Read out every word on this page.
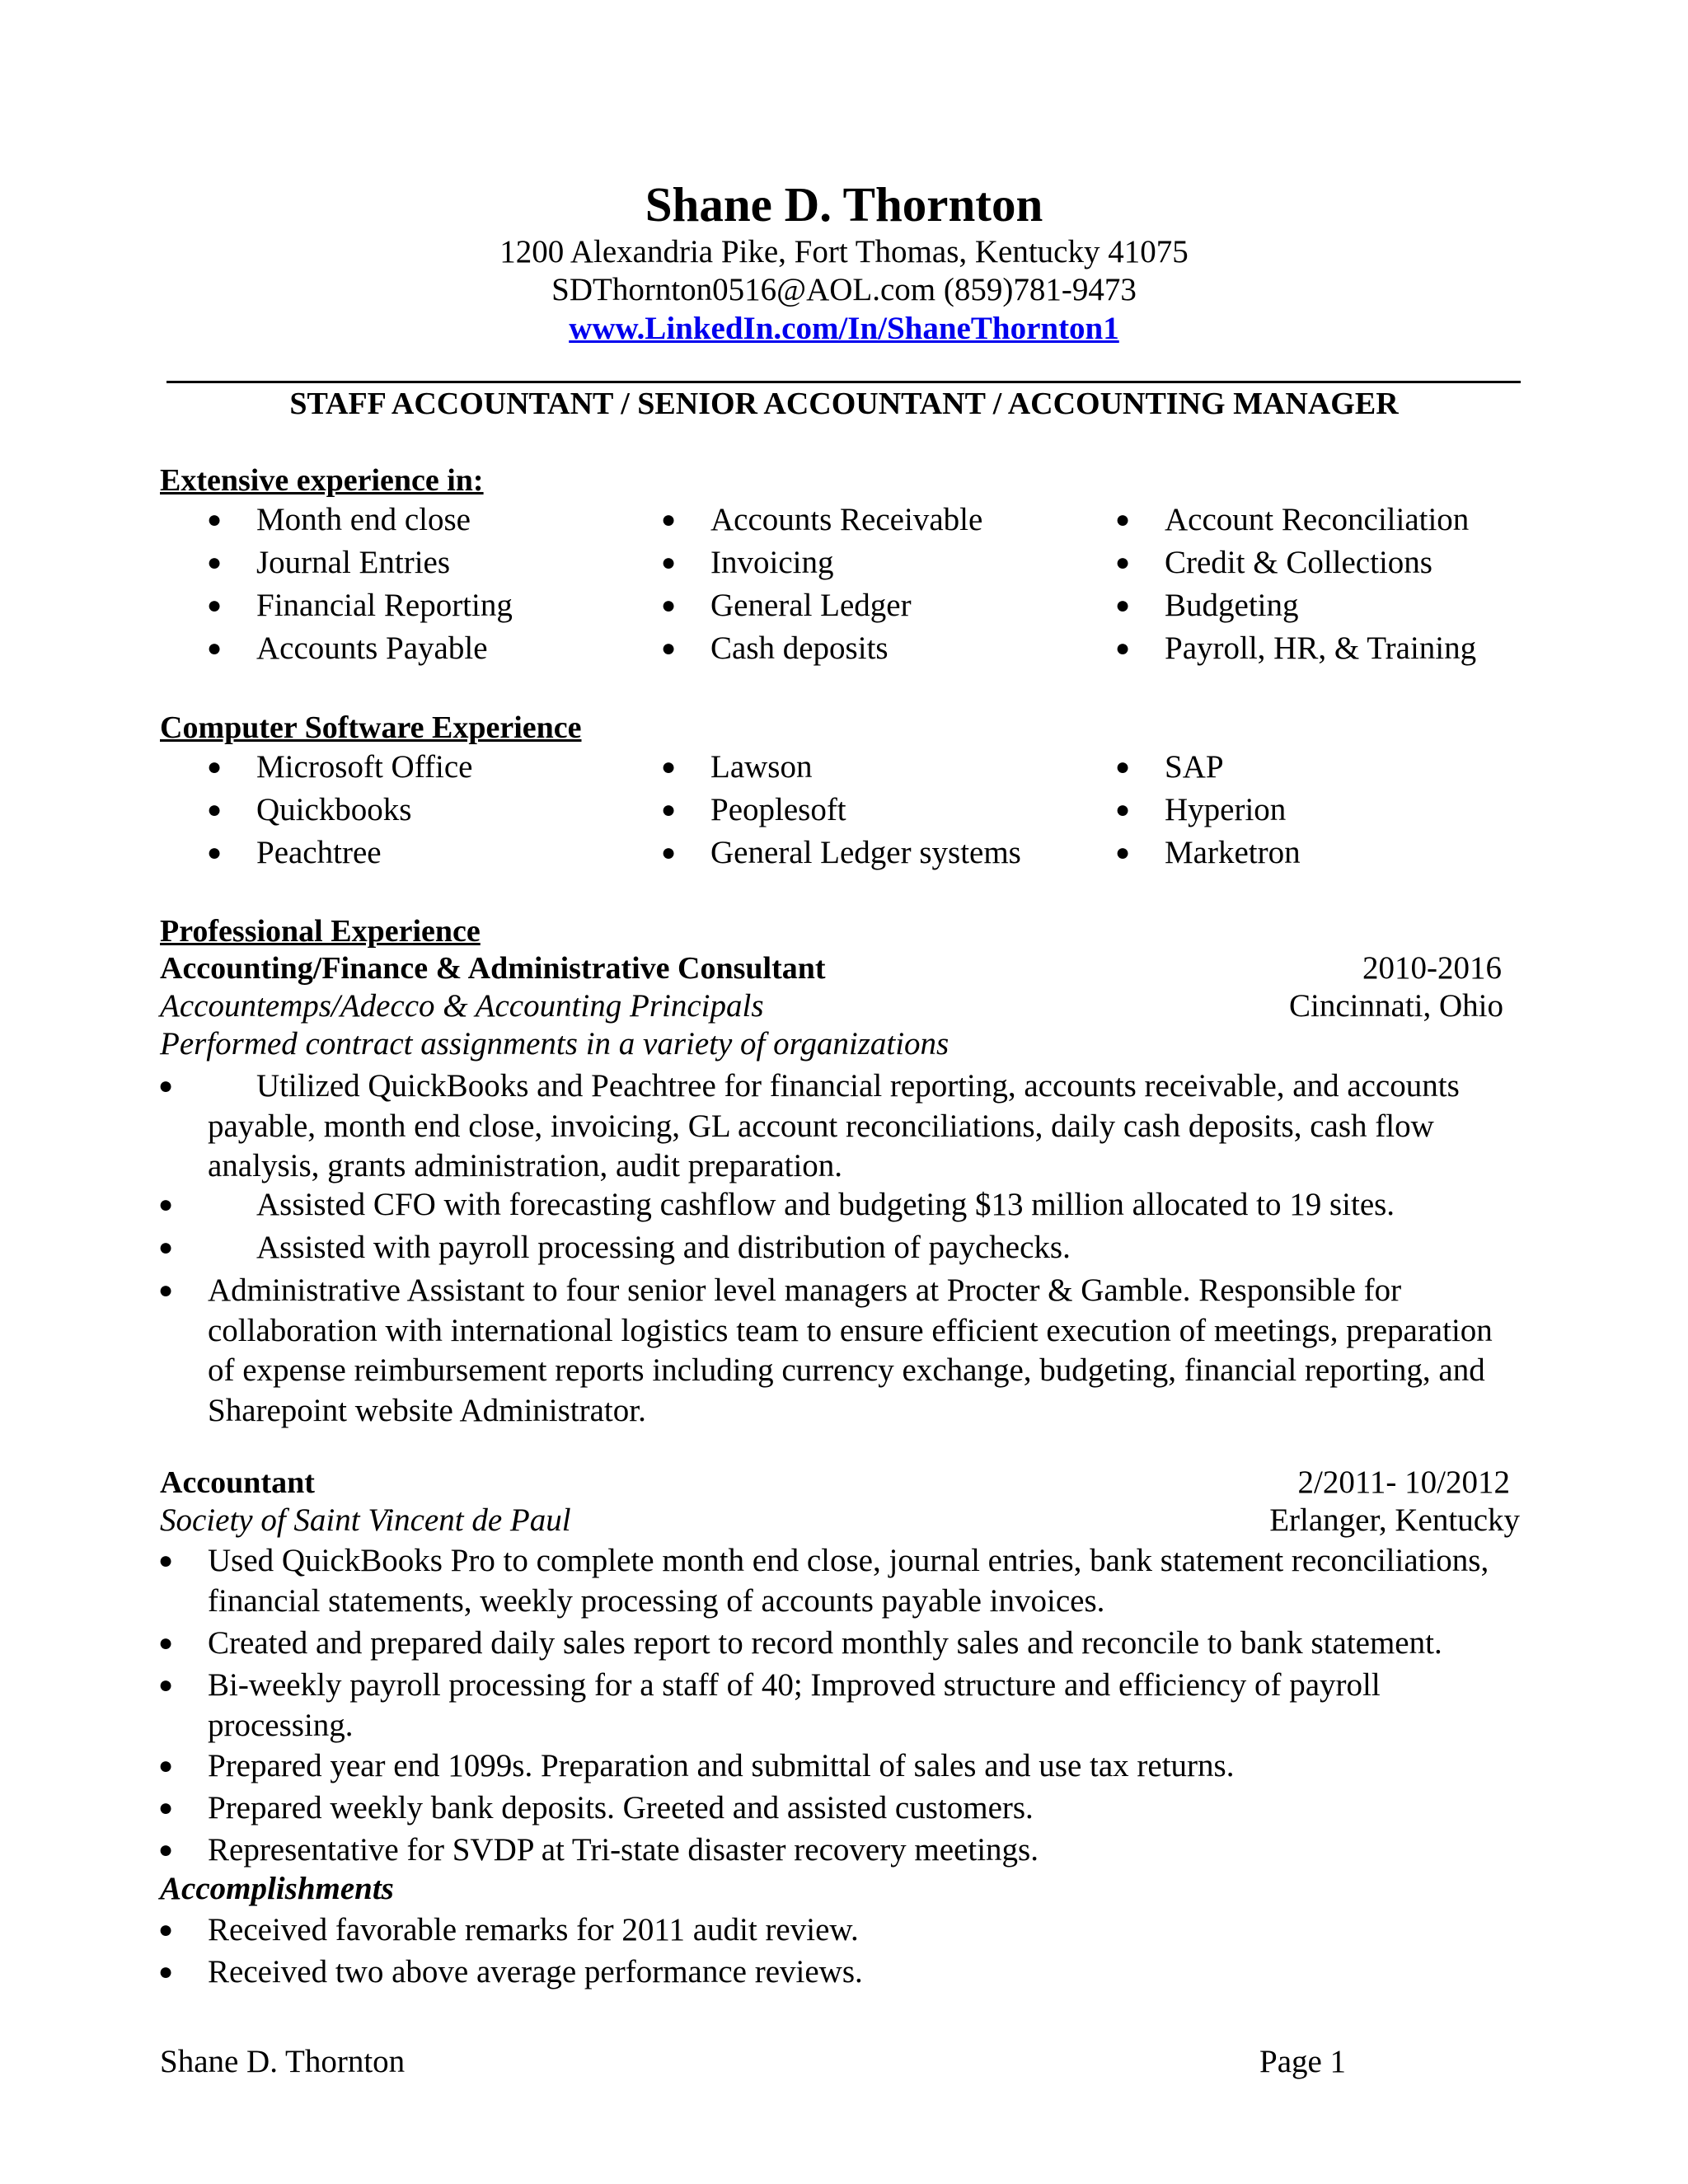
Shane D. Thornton
1200 Alexandria Pike, Fort Thomas, Kentucky 41075
SDThornton0516@AOL.com (859)781-9473
www.LinkedIn.com/In/ShaneThornton1
STAFF ACCOUNTANT / SENIOR ACCOUNTANT / ACCOUNTING MANAGER
Extensive experience in:
● Month end close
● Journal Entries
● Financial Reporting
● Accounts Payable
● Accounts Receivable
● Invoicing
● General Ledger
● Cash deposits
● Account Reconciliation
● Credit & Collections
● Budgeting
● Payroll, HR, & Training
Computer Software Experience
● Microsoft Office
● Quickbooks
● Peachtree
● Lawson
● Peoplesoft
● General Ledger systems
● SAP
● Hyperion
● Marketron
Professional Experience
Accounting/Finance & Administrative Consultant	2010-2016
Accountemps/Adecco & Accounting Principals	Cincinnati, Ohio
Performed contract assignments in a variety of organizations
●	Utilized QuickBooks and Peachtree for financial reporting, accounts receivable, and accounts payable, month end close, invoicing, GL account reconciliations, daily cash deposits, cash flow analysis, grants administration, audit preparation.
●	Assisted CFO with forecasting cashflow and budgeting $13 million allocated to 19 sites.
●	Assisted with payroll processing and distribution of paychecks.
● Administrative Assistant to four senior level managers at Procter & Gamble. Responsible for collaboration with international logistics team to ensure efficient execution of meetings, preparation of expense reimbursement reports including currency exchange, budgeting, financial reporting, and Sharepoint website Administrator.
Accountant	2/2011- 10/2012
Society of Saint Vincent de Paul	Erlanger, Kentucky
● Used QuickBooks Pro to complete month end close, journal entries, bank statement reconciliations, financial statements, weekly processing of accounts payable invoices.
● Created and prepared daily sales report to record monthly sales and reconcile to bank statement.
● Bi-weekly payroll processing for a staff of 40; Improved structure and efficiency of payroll processing.
● Prepared year end 1099s. Preparation and submittal of sales and use tax returns.
● Prepared weekly bank deposits. Greeted and assisted customers.
● Representative for SVDP at Tri-state disaster recovery meetings.
Accomplishments
● Received favorable remarks for 2011 audit review.
● Received two above average performance reviews.
Shane D. Thornton	Page 1
